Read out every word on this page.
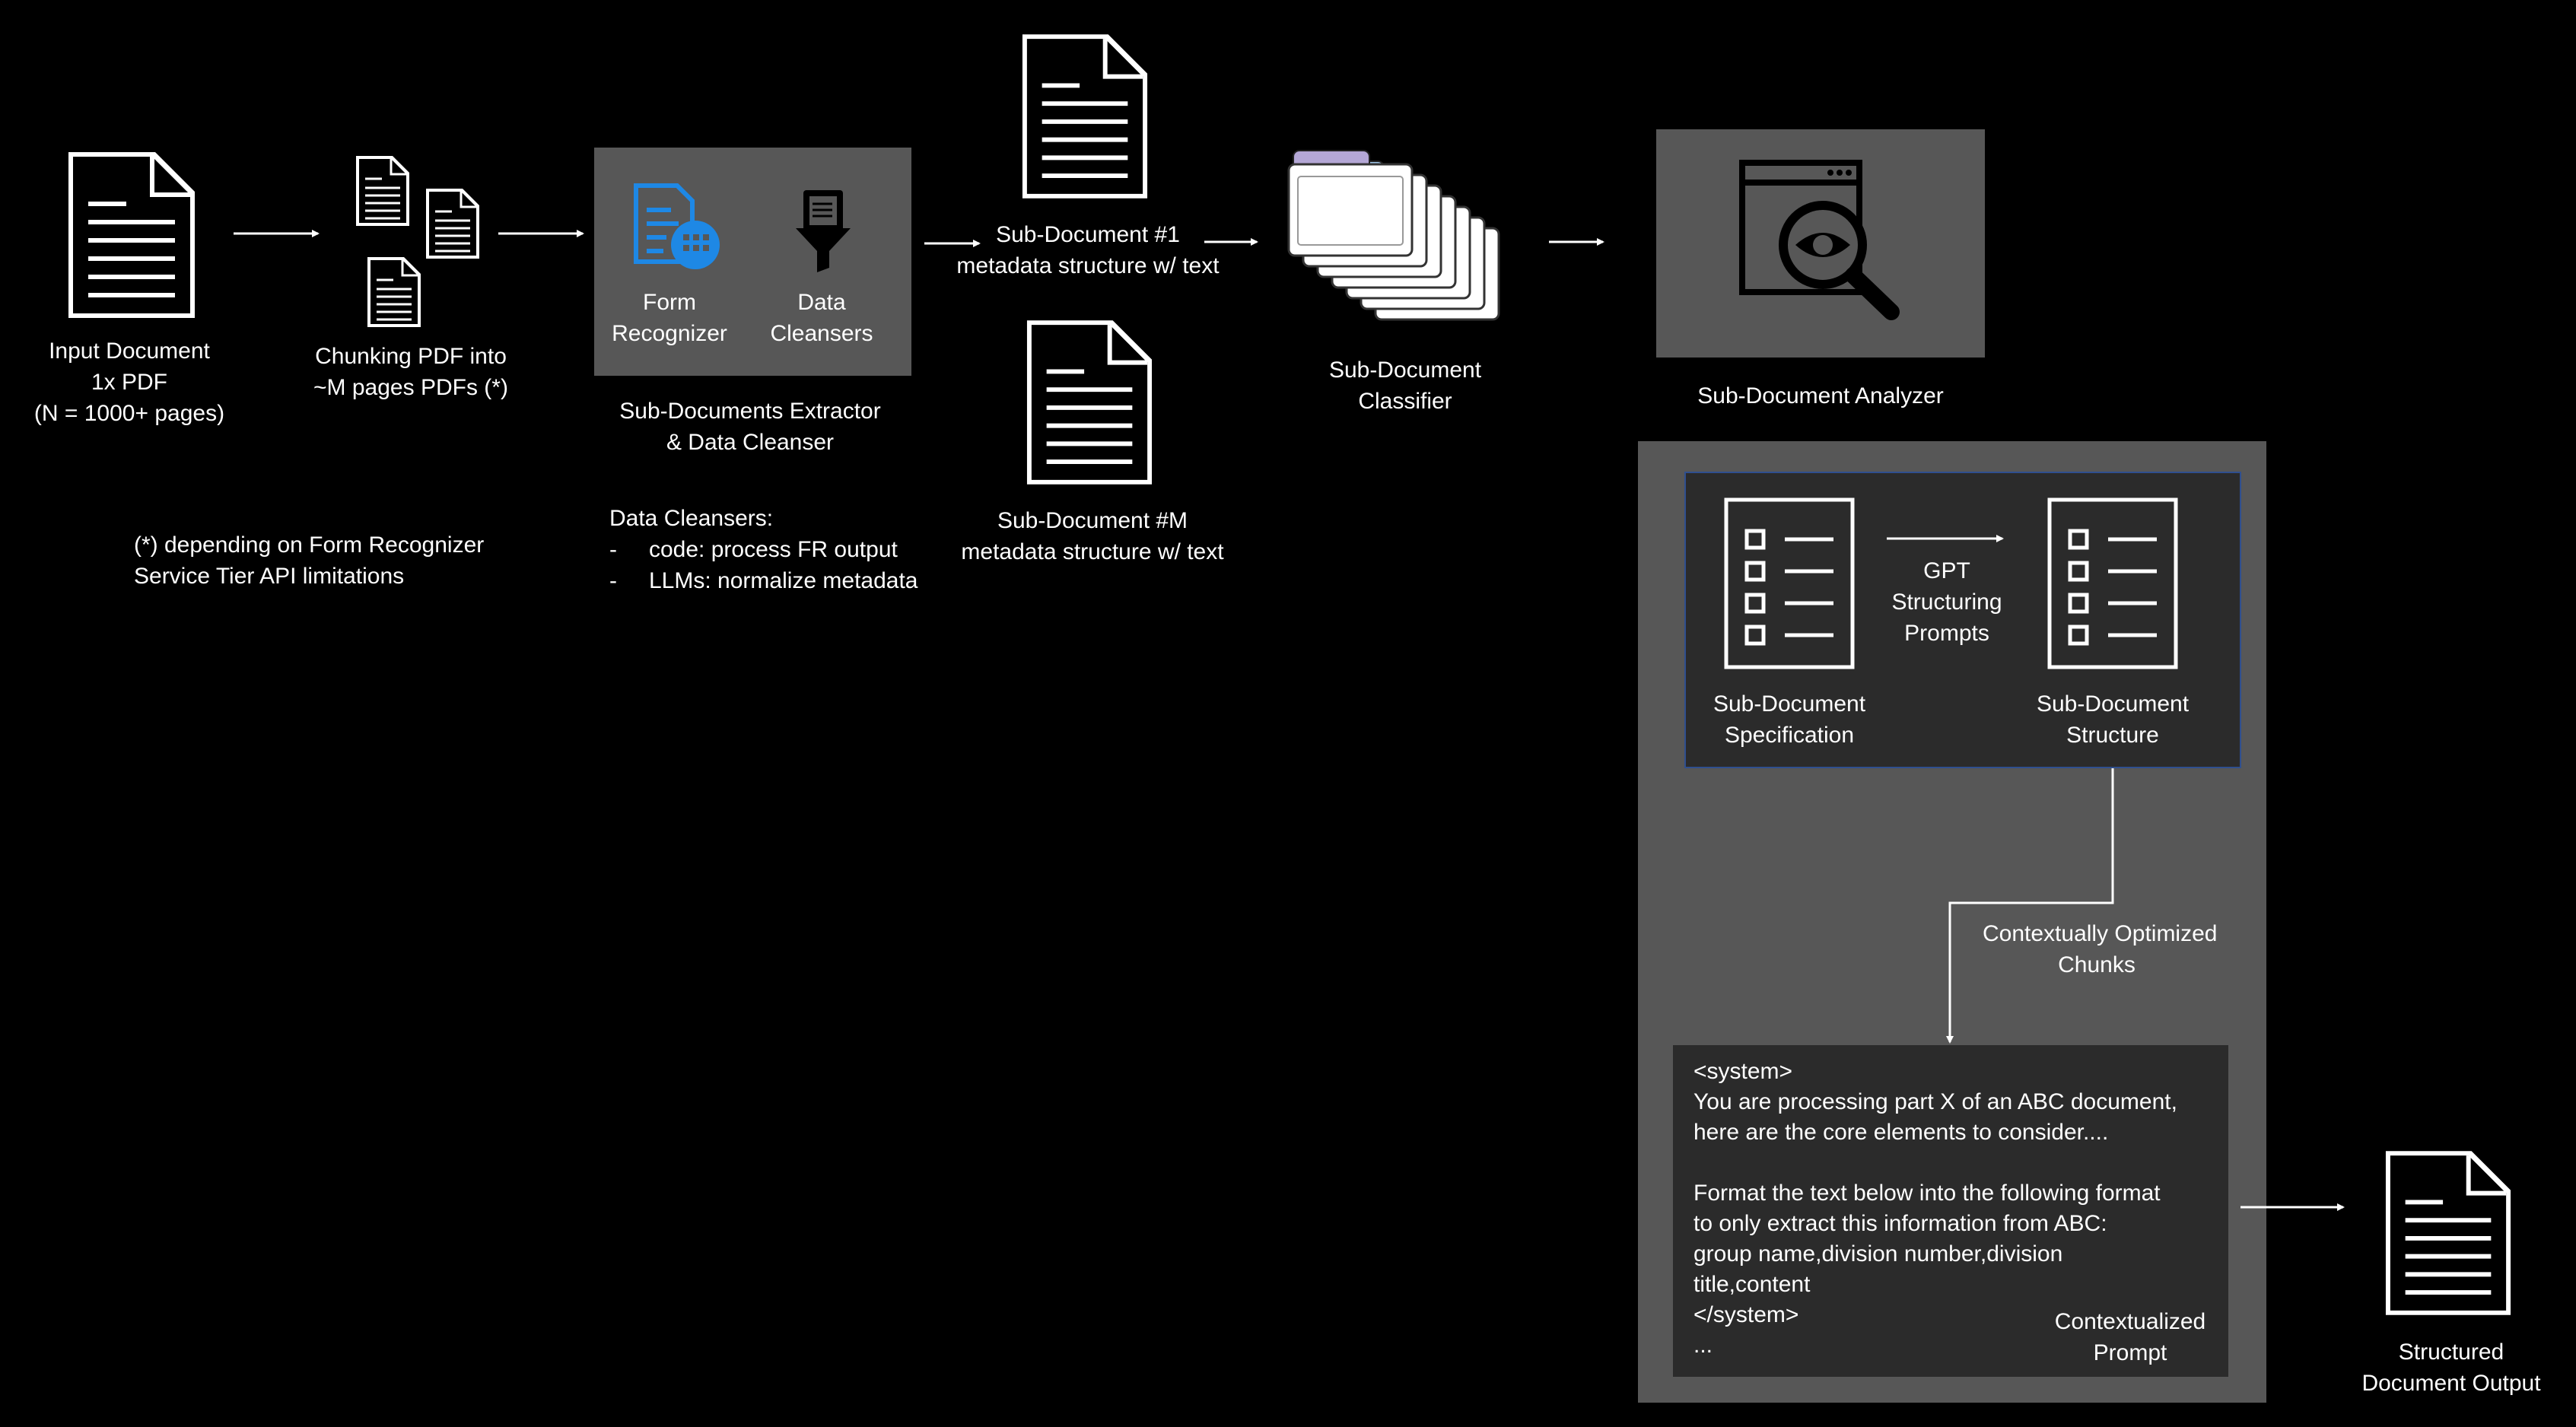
Input Document
1x PDF
(N = 1000+ pages)
Chunking PDF into
~M pages PDFs (*)
(*) depending on Form Recognizer
Service Tier API limitations
Form
Recognizer
Data
Cleansers
Sub-Documents Extractor
& Data Cleanser
Data Cleansers:
- code: process FR output
- LLMs: normalize metadata
Sub-Document #1
metadata structure w/ text
Sub-Document #M
metadata structure w/ text
Sub-Document
Classifier	Sub-Document Analyzer
Sub-Document
Specification
GPT
Structuring
Prompts
Sub-Document
Structure
Contextually Optimized
Chunks
<system>
You are processing part X of an ABC document,
here are the core elements to consider....
Format the text below into the following format
to only extract this information from ABC:
group name,division number,division
title,content
</system>
...
Contextualized
Prompt	Structured
Document Output
